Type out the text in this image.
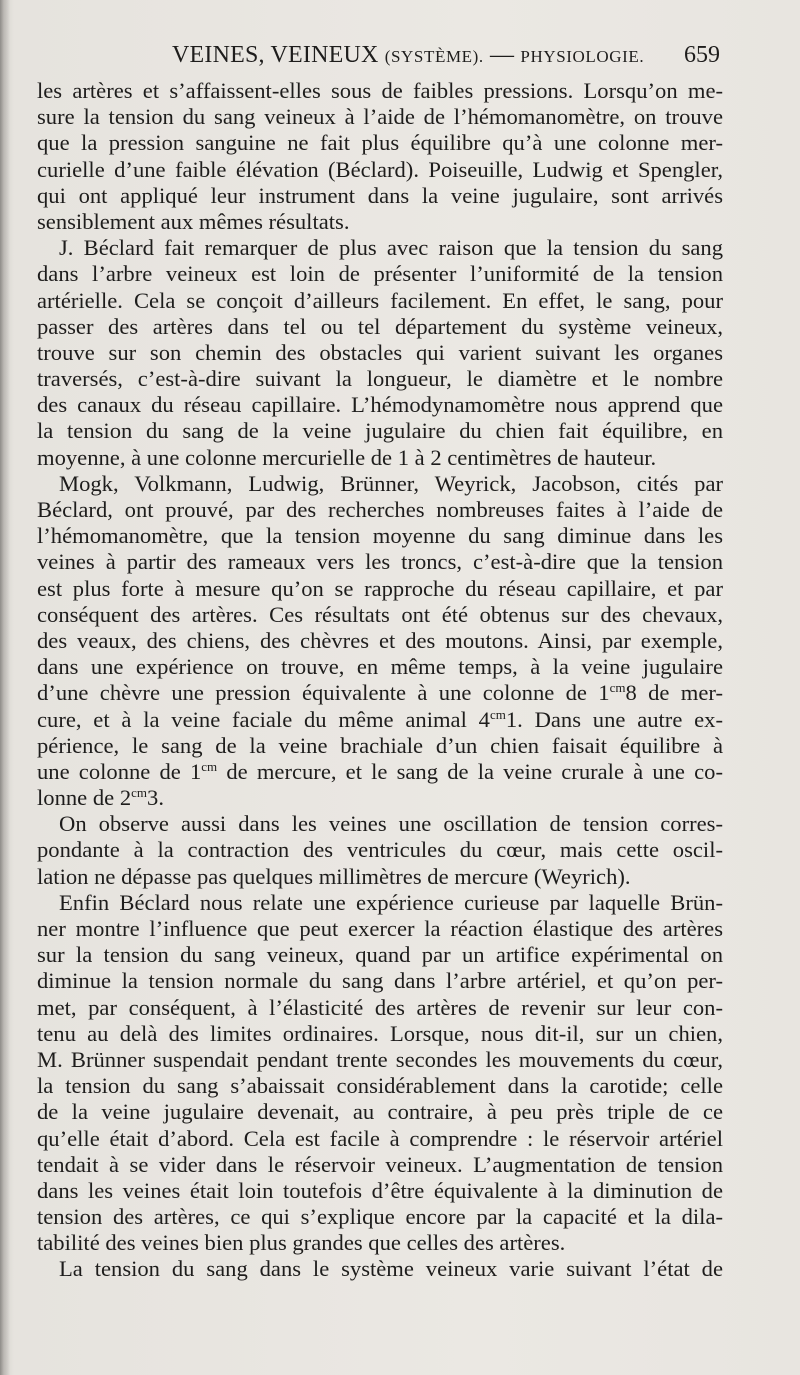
VEINES, VEINEUX (SYSTÈME). — PHYSIOLOGIE. 659
les artères et s’affaissent-elles sous de faibles pressions. Lorsqu’on me-
sure la tension du sang veineux à l’aide de l’hémomanomètre, on trouve
que la pression sanguine ne fait plus équilibre qu’à une colonne mer-
curielle d’une faible élévation (Béclard). Poiseuille, Ludwig et Spengler,
qui ont appliqué leur instrument dans la veine jugulaire, sont arrivés
sensiblement aux mêmes résultats.
J. Béclard fait remarquer de plus avec raison que la tension du sang
dans l’arbre veineux est loin de présenter l’uniformité de la tension
artérielle. Cela se conçoit d’ailleurs facilement. En effet, le sang, pour
passer des artères dans tel ou tel département du système veineux,
trouve sur son chemin des obstacles qui varient suivant les organes
traversés, c’est-à-dire suivant la longueur, le diamètre et le nombre
des canaux du réseau capillaire. L’hémodynamomètre nous apprend que
la tension du sang de la veine jugulaire du chien fait équilibre, en
moyenne, à une colonne mercurielle de 1 à 2 centimètres de hauteur.
Mogk, Volkmann, Ludwig, Brünner, Weyrick, Jacobson, cités par
Béclard, ont prouvé, par des recherches nombreuses faites à l’aide de
l’hémomanomètre, que la tension moyenne du sang diminue dans les
veines à partir des rameaux vers les troncs, c’est-à-dire que la tension
est plus forte à mesure qu’on se rapproche du réseau capillaire, et par
conséquent des artères. Ces résultats ont été obtenus sur des chevaux,
des veaux, des chiens, des chèvres et des moutons. Ainsi, par exemple,
dans une expérience on trouve, en même temps, à la veine jugulaire
d’une chèvre une pression équivalente à une colonne de $1^{cm}8$ de mer-
cure, et à la veine faciale du même animal $4^{cm}1$. Dans une autre ex-
périence, le sang de la veine brachiale d’un chien faisait équilibre à
une colonne de $1^{cm}$ de mercure, et le sang de la veine crurale à une co-
lonne de $2^{cm}3$.
On observe aussi dans les veines une oscillation de tension corres-
pondante à la contraction des ventricules du cœur, mais cette oscil-
lation ne dépasse pas quelques millimètres de mercure (Weyrich).
Enfin Béclard nous relate une expérience curieuse par laquelle Brün-
ner montre l’influence que peut exercer la réaction élastique des artères
sur la tension du sang veineux, quand par un artifice expérimental on
diminue la tension normale du sang dans l’arbre artériel, et qu’on per-
met, par conséquent, à l’élasticité des artères de revenir sur leur con-
tenu au delà des limites ordinaires. Lorsque, nous dit-il, sur un chien,
M. Brünner suspendait pendant trente secondes les mouvements du cœur,
la tension du sang s’abaissait considérablement dans la carotide; celle
de la veine jugulaire devenait, au contraire, à peu près triple de ce
qu’elle était d’abord. Cela est facile à comprendre : le réservoir artériel
tendait à se vider dans le réservoir veineux. L’augmentation de tension
dans les veines était loin toutefois d’être équivalente à la diminution de
tension des artères, ce qui s’explique encore par la capacité et la dila-
tabilité des veines bien plus grandes que celles des artères.
La tension du sang dans le système veineux varie suivant l’état de
